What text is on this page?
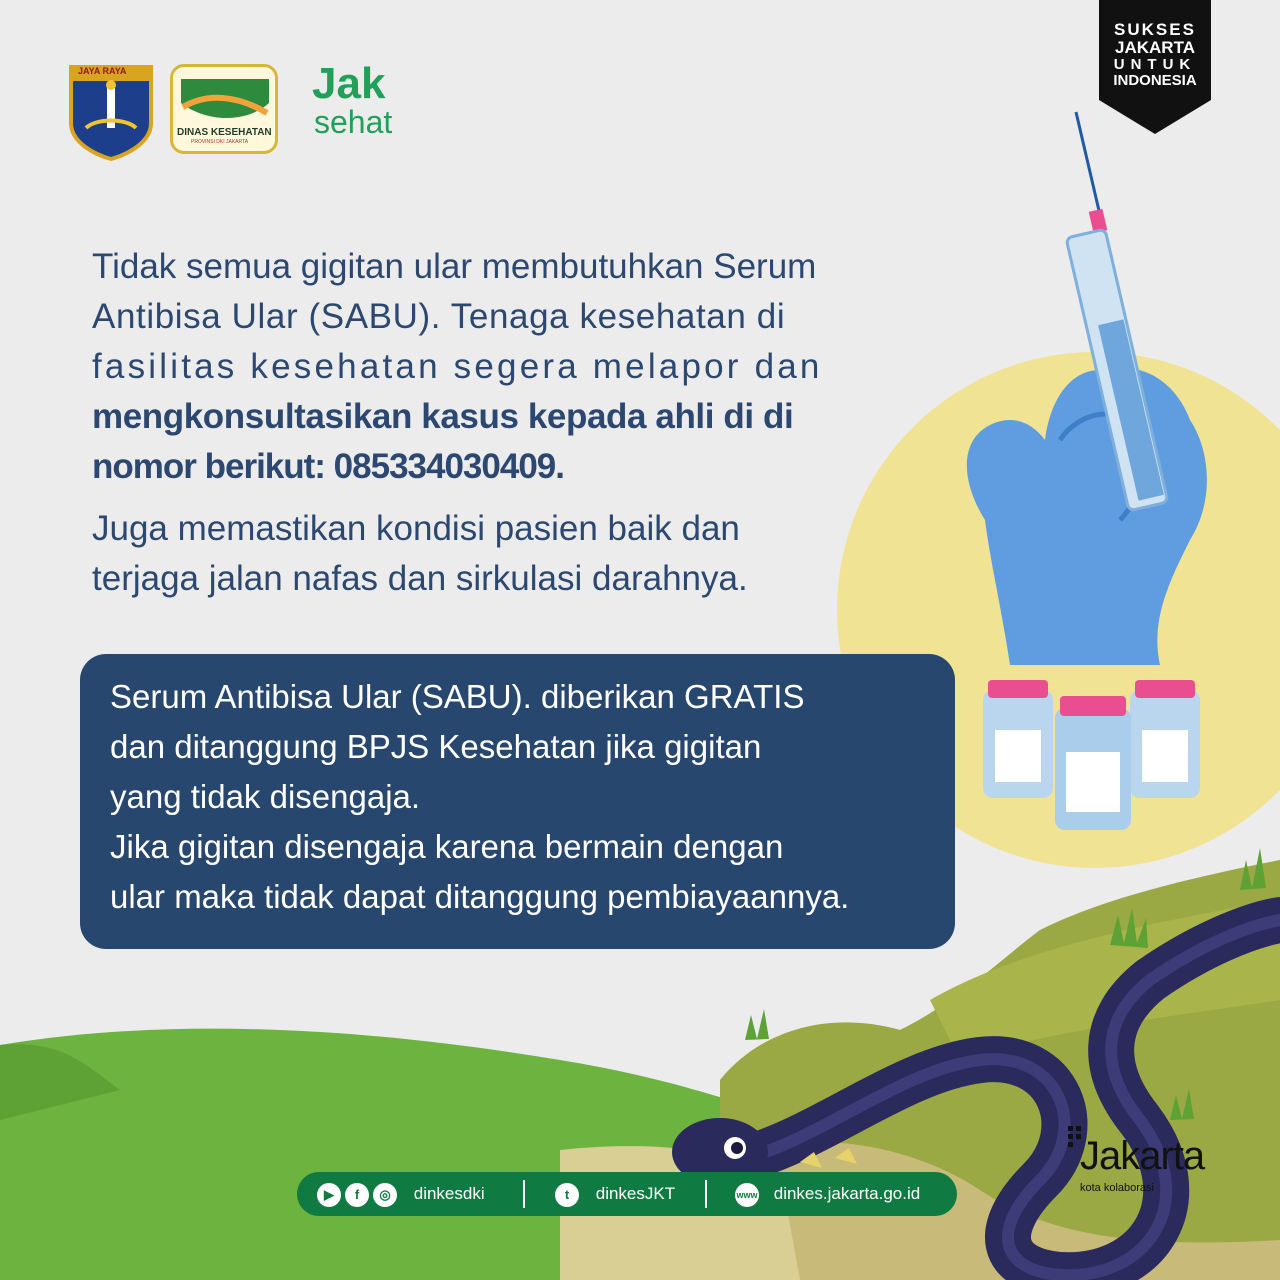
JAYA RAYA
DINAS KESEHATAN
PROVINSI DKI JAKARTA
Jak
sehat
SUKSES
JAKARTA
UNTUK
INDONESIA
Tidak semua gigitan ular membutuhkan Serum
Antibisa Ular (SABU). Tenaga kesehatan di
fasilitas kesehatan segera melapor dan
mengkonsultasikan kasus kepada ahli di di
nomor berikut: 085334030409.
Juga memastikan kondisi pasien baik dan
terjaga jalan nafas dan sirkulasi darahnya.
Serum Antibisa Ular (SABU). diberikan GRATIS
dan ditanggung BPJS Kesehatan jika gigitan
yang tidak disengaja.
Jika gigitan disengaja karena bermain dengan
ular maka tidak dapat ditanggung pembiayaannya.
▶ f ◎ dinkesdki	t dinkesJKT	www dinkes.jakarta.go.id
Jakarta
kota kolaborasi
